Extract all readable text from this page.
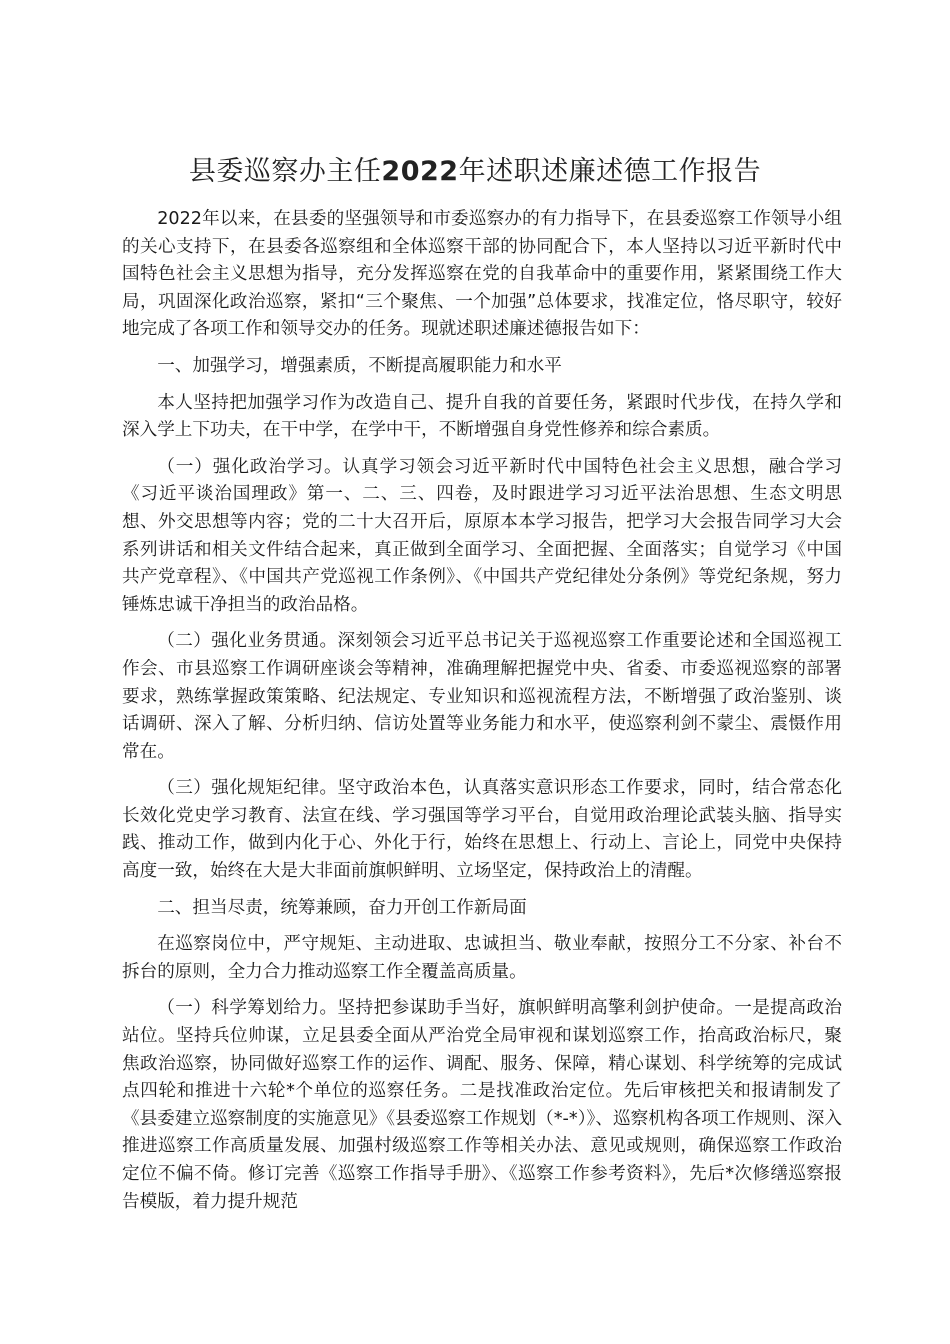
县委巡察办主任2022年述职述廉述德工作报告

2022年以来，在县委的坚强领导和市委巡察办的有力指导下，在县委巡察工作领导小组的关心支持下，在县委各巡察组和全体巡察干部的协同配合下，本人坚持以习近平新时代中国特色社会主义思想为指导，充分发挥巡察在党的自我革命中的重要作用，紧紧围绕工作大局，巩固深化政治巡察，紧扣“三个聚焦、一个加强”总体要求，找准定位，恪尽职守，较好地完成了各项工作和领导交办的任务。现就述职述廉述德报告如下：

一、加强学习，增强素质，不断提高履职能力和水平

本人坚持把加强学习作为改造自己、提升自我的首要任务，紧跟时代步伐，在持久学和深入学上下功夫，在干中学，在学中干，不断增强自身党性修养和综合素质。

（一）强化政治学习。认真学习领会习近平新时代中国特色社会主义思想，融合学习《习近平谈治国理政》第一、二、三、四卷，及时跟进学习习近平法治思想、生态文明思想、外交思想等内容；党的二十大召开后，原原本本学习报告，把学习大会报告同学习大会系列讲话和相关文件结合起来，真正做到全面学习、全面把握、全面落实；自觉学习《中国共产党章程》、《中国共产党巡视工作条例》、《中国共产党纪律处分条例》等党纪条规，努力锤炼忠诚干净担当的政治品格。

（二）强化业务贯通。深刻领会习近平总书记关于巡视巡察工作重要论述和全国巡视工作会、市县巡察工作调研座谈会等精神，准确理解把握党中央、省委、市委巡视巡察的部署要求，熟练掌握政策策略、纪法规定、专业知识和巡视流程方法，不断增强了政治鉴别、谈话调研、深入了解、分析归纳、信访处置等业务能力和水平，使巡察利剑不蒙尘、震慑作用常在。

（三）强化规矩纪律。坚守政治本色，认真落实意识形态工作要求，同时，结合常态化长效化党史学习教育、法宣在线、学习强国等学习平台，自觉用政治理论武装头脑、指导实践、推动工作，做到内化于心、外化于行，始终在思想上、行动上、言论上，同党中央保持高度一致，始终在大是大非面前旗帜鲜明、立场坚定，保持政治上的清醒。

二、担当尽责，统筹兼顾，奋力开创工作新局面

在巡察岗位中，严守规矩、主动进取、忠诚担当、敬业奉献，按照分工不分家、补台不拆台的原则，全力合力推动巡察工作全覆盖高质量。

（一）科学筹划给力。坚持把参谋助手当好，旗帜鲜明高擎利剑护使命。一是提高政治站位。坚持兵位帅谋，立足县委全面从严治党全局审视和谋划巡察工作，抬高政治标尺，聚焦政治巡察，协同做好巡察工作的运作、调配、服务、保障，精心谋划、科学统筹的完成试点四轮和推进十六轮*个单位的巡察任务。二是找准政治定位。先后审核把关和报请制发了《县委建立巡察制度的实施意见》《县委巡察工作规划（*-*）》、巡察机构各项工作规则、深入推进巡察工作高质量发展、加强村级巡察工作等相关办法、意见或规则，确保巡察工作政治定位不偏不倚。修订完善《巡察工作指导手册》、《巡察工作参考资料》，先后*次修缮巡察报告模版，着力提升规范
